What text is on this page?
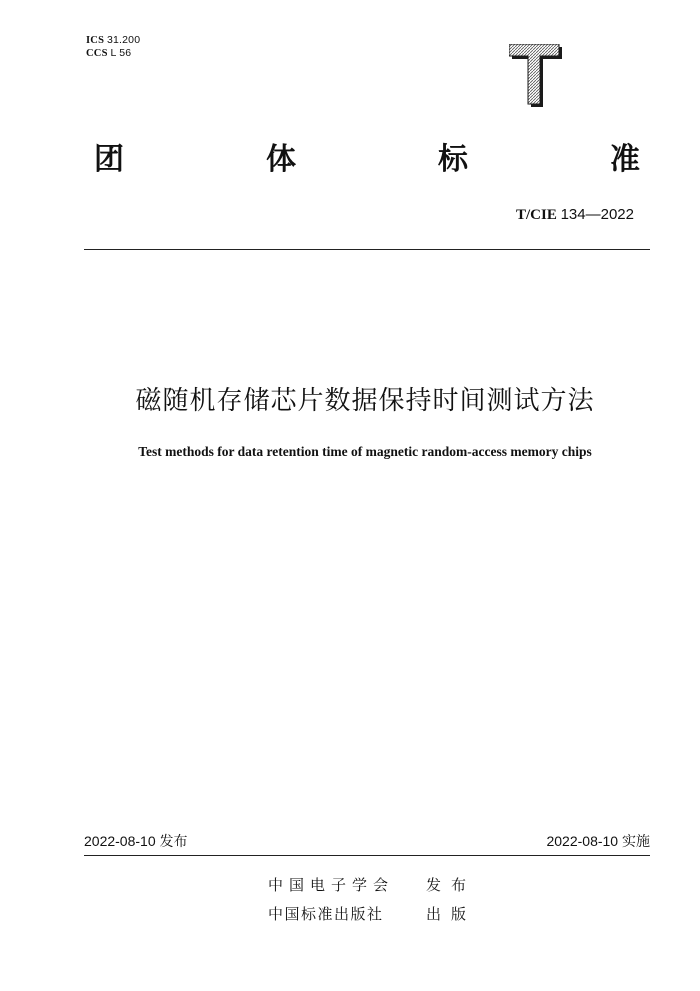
ICS 31.200
CCS L 56
团	体	标	准
T/CIE 134—2022
磁随机存储芯片数据保持时间测试方法
Test methods for data retention time of magnetic random-access memory chips
2022-08-10 发布	2022-08-10 实施
中国电子学会 发布
中国标准出版社	出版
